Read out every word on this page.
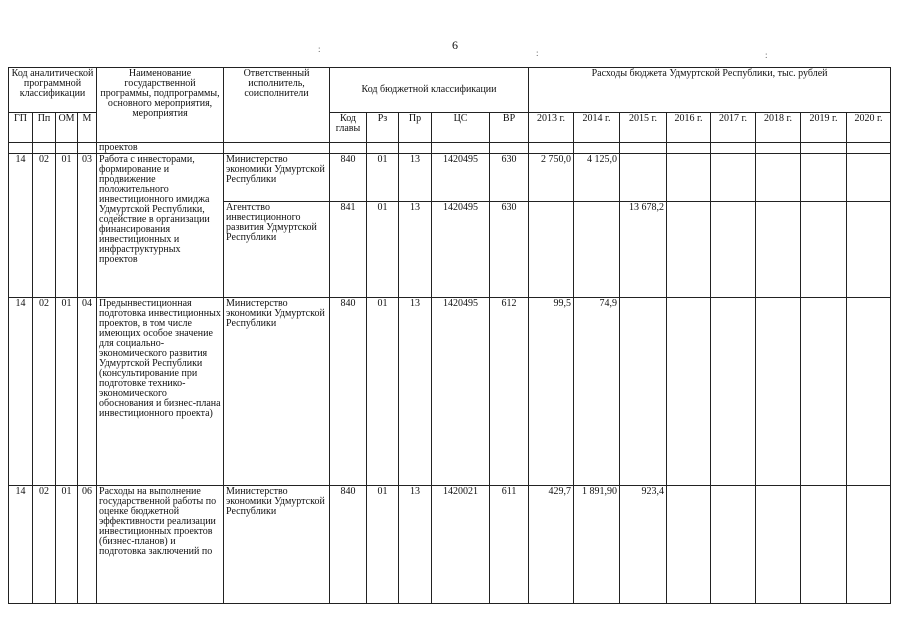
6
:	:	:
Код аналитической программной классификации				Наименование государственной программы, подпрограммы, основного мероприятия, мероприятия	Ответственный исполнитель, соисполнители	Код бюджетной классификации					Расходы бюджета Удмуртской Республики, тыс. рублей							
ГП	Пп	ОМ	М			Код главы	Рз	Пр	ЦС	ВР	2013 г.	2014 г.	2015 г.	2016 г.	2017 г.	2018 г.	2019 г.	2020 г.
				проектов														
14	02	01	03	Работа с инвесторами, формирование и продвижение положительного инвестиционного имиджа Удмуртской Республики, содействие в организации финансирования инвестиционных и инфраструктурных проектов	Министерство экономики Удмуртской Республики	840	01	13	1420495	630	2 750,0	4 125,0						
					Агентство инвестиционного развития Удмуртской Республики	841	01	13	1420495	630			13 678,2					
14	02	01	04	Предынвестиционная подготовка инвестиционных проектов, в том числе имеющих особое значение для социально-экономического развития Удмуртской Республики (консультирование при подготовке технико-экономического обоснования и бизнес-плана инвестиционного проекта)	Министерство экономики Удмуртской Республики	840	01	13	1420495	612	99,5	74,9						
14	02	01	06	Расходы на выполнение государственной работы по оценке бюджетной эффективности реализации инвестиционных проектов (бизнес-планов) и подготовка заключений по	Министерство экономики Удмуртской Республики	840	01	13	1420021	611	429,7	1 891,90	923,4					
